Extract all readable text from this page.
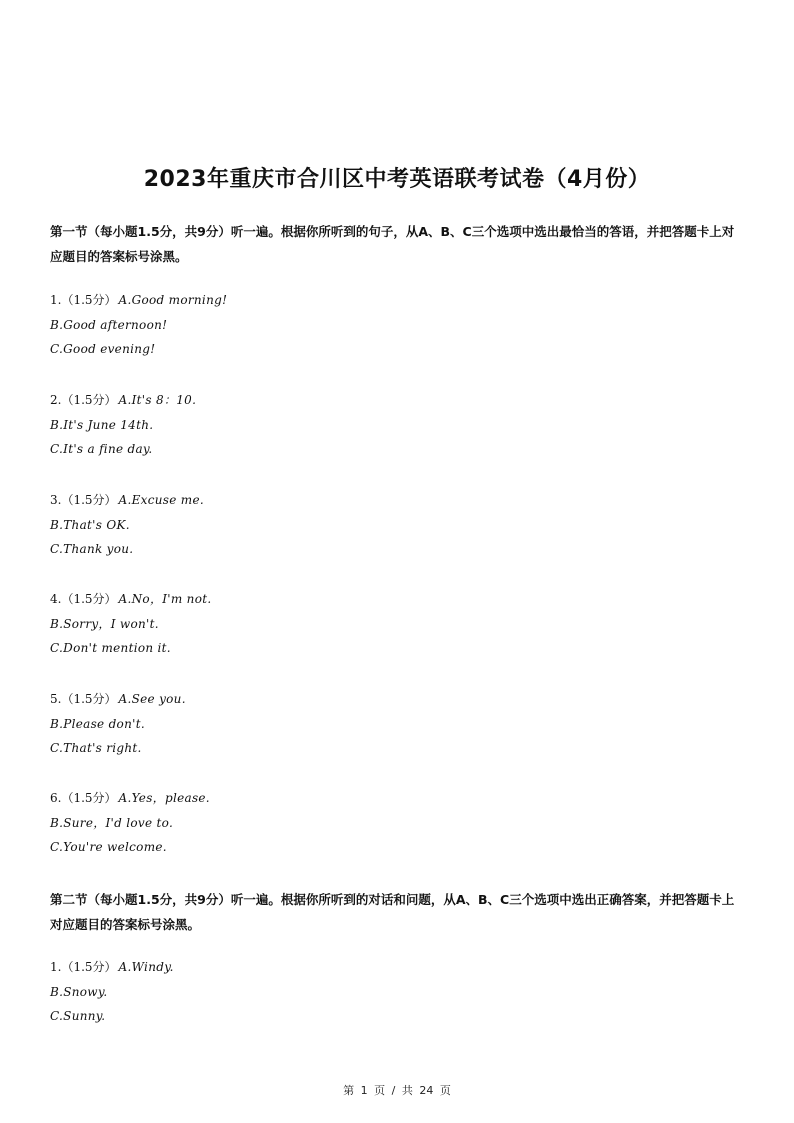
2023年重庆市合川区中考英语联考试卷（4月份）
第一节（每小题1.5分，共9分）听一遍。根据你所听到的句子，从A、B、C三个选项中选出最恰当的答语，并把答题卡上对应题目的答案标号涂黑。
1.（1.5分） A.Good morning!
B.Good afternoon!
C.Good evening!
2.（1.5分） A.It's 8：10.
B.It's June 14th.
C.It's a fine day.
3.（1.5分） A.Excuse me.
B.That's OK.
C.Thank you.
4.（1.5分） A.No，I'm not.
B.Sorry，I won't.
C.Don't mention it.
5.（1.5分） A.See you.
B.Please don't.
C.That's right.
6.（1.5分） A.Yes，please.
B.Sure，I'd love to.
C.You're welcome.
第二节（每小题1.5分，共9分）听一遍。根据你所听到的对话和问题，从A、B、C三个选项中选出正确答案，并把答题卡上对应题目的答案标号涂黑。
1.（1.5分） A.Windy.
B.Snowy.
C.Sunny.
第 1 页 / 共 24 页
